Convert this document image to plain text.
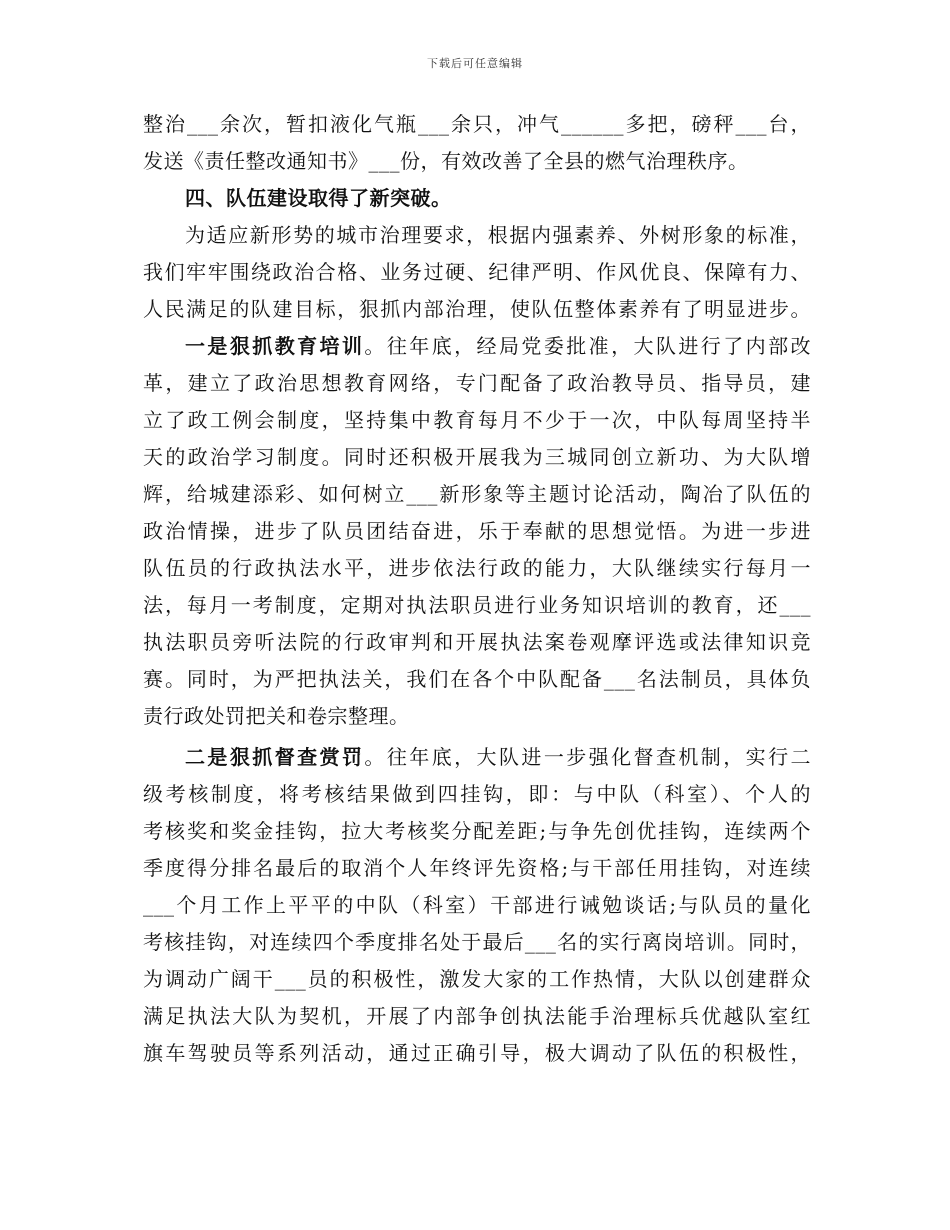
下载后可任意编辑
整治___余次，暂扣液化气瓶___余只，冲气______多把，磅秤___台，
发送《责任整改通知书》___份，有效改善了全县的燃气治理秩序。
四、队伍建设取得了新突破。
为适应新形势的城市治理要求，根据内强素养、外树形象的标准，
我们牢牢围绕政治合格、业务过硬、纪律严明、作风优良、保障有力、
人民满足的队建目标，狠抓内部治理，使队伍整体素养有了明显进步。
一是狠抓教育培训。往年底，经局党委批准，大队进行了内部改
革，建立了政治思想教育网络，专门配备了政治教导员、指导员，建
立了政工例会制度，坚持集中教育每月不少于一次，中队每周坚持半
天的政治学习制度。同时还积极开展我为三城同创立新功、为大队增
辉，给城建添彩、如何树立___新形象等主题讨论活动，陶冶了队伍的
政治情操，进步了队员团结奋进，乐于奉献的思想觉悟。为进一步进
队伍员的行政执法水平，进步依法行政的能力，大队继续实行每月一
法，每月一考制度，定期对执法职员进行业务知识培训的教育，还___
执法职员旁听法院的行政审判和开展执法案卷观摩评选或法律知识竞
赛。同时，为严把执法关，我们在各个中队配备___名法制员，具体负
责行政处罚把关和卷宗整理。
二是狠抓督查赏罚。往年底，大队进一步强化督查机制，实行二
级考核制度，将考核结果做到四挂钩，即：与中队（科室）、个人的
考核奖和奖金挂钩，拉大考核奖分配差距;与争先创优挂钩，连续两个
季度得分排名最后的取消个人年终评先资格;与干部任用挂钩，对连续
___个月工作上平平的中队（科室）干部进行诫勉谈话;与队员的量化
考核挂钩，对连续四个季度排名处于最后___名的实行离岗培训。同时，
为调动广阔干___员的积极性，激发大家的工作热情，大队以创建群众
满足执法大队为契机，开展了内部争创执法能手治理标兵优越队室红
旗车驾驶员等系列活动，通过正确引导，极大调动了队伍的积极性，
